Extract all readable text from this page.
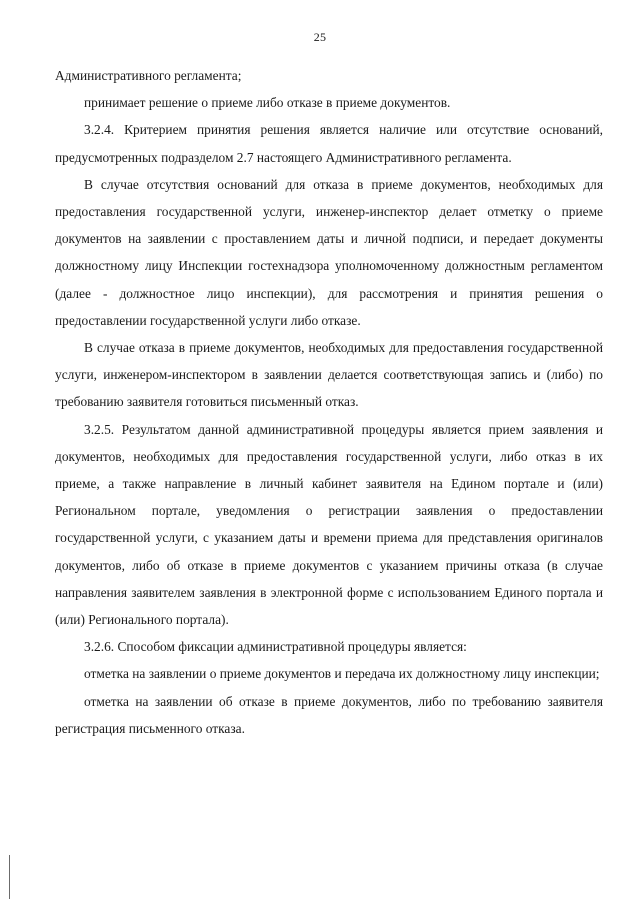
25

Административного регламента;

принимает решение о приеме либо отказе в приеме документов.

3.2.4. Критерием принятия решения является наличие или отсутствие оснований, предусмотренных подразделом 2.7 настоящего Административного регламента.

В случае отсутствия оснований для отказа в приеме документов, необходимых для предоставления государственной услуги, инженер-инспектор делает отметку о приеме документов на заявлении с проставлением даты и личной подписи, и передает документы должностному лицу Инспекции гостехнадзора уполномоченному должностным регламентом (далее - должностное лицо инспекции), для рассмотрения и принятия решения о предоставлении государственной услуги либо отказе.

В случае отказа в приеме документов, необходимых для предоставления государственной услуги, инженером-инспектором в заявлении делается соответствующая запись и (либо) по требованию заявителя готовиться письменный отказ.

3.2.5. Результатом данной административной процедуры является прием заявления и документов, необходимых для предоставления государственной услуги, либо отказ в их приеме, а также направление в личный кабинет заявителя на Едином портале и (или) Региональном портале, уведомления о регистрации заявления о предоставлении государственной услуги, с указанием даты и времени приема для представления оригиналов документов, либо об отказе в приеме документов с указанием причины отказа (в случае направления заявителем заявления в электронной форме с использованием Единого портала и (или) Регионального портала).

3.2.6. Способом фиксации административной процедуры является:

отметка на заявлении о приеме документов и передача их должностному лицу инспекции;

отметка на заявлении об отказе в приеме документов, либо по требованию заявителя регистрация письменного отказа.
